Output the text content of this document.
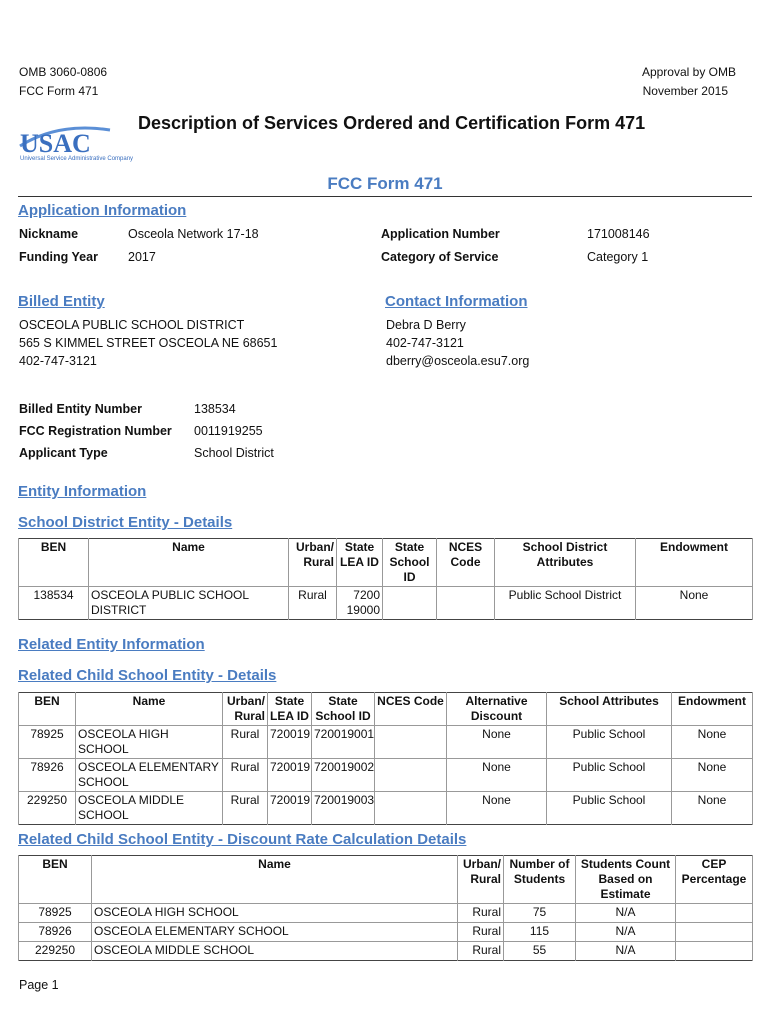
OMB 3060-0806
FCC Form 471
Approval by OMB
November 2015
USAC
Universal Service Administrative Company
Description of Services Ordered and Certification Form 471
FCC Form 471
Application Information
Nickname	Osceola Network 17-18
Funding Year 2017
Application Number	171008146
Category of Service	Category 1
Billed Entity
OSCEOLA PUBLIC SCHOOL DISTRICT
565 S KIMMEL STREET OSCEOLA NE 68651
402-747-3121
Contact Information
Debra D Berry
402-747-3121
dberry@osceola.esu7.org
Billed Entity Number	138534
FCC Registration Number 0011919255
Applicant Type	School District
Entity Information
School District Entity - Details
BEN	Name	Urban/ Rural	State LEA ID	State School ID	NCES Code	School District Attributes	Endowment
138534	OSCEOLA PUBLIC SCHOOL DISTRICT	Rural	7200 19000			Public School District	None
Related Entity Information
Related Child School Entity - Details
BEN	Name	Urban/ Rural	State LEA ID	State School ID	NCES Code	Alternative Discount	School Attributes	Endowment
78925	OSCEOLA HIGH SCHOOL	Rural	720019	720019001		None	Public School	None
78926	OSCEOLA ELEMENTARY SCHOOL	Rural	720019	720019002		None	Public School	None
229250	OSCEOLA MIDDLE SCHOOL	Rural	720019	720019003		None	Public School	None
Related Child School Entity - Discount Rate Calculation Details
BEN	Name	Urban/ Rural	Number of Students	Students Count Based on Estimate	CEP Percentage
78925	OSCEOLA HIGH SCHOOL	Rural	75	N/A	
78926	OSCEOLA ELEMENTARY SCHOOL	Rural	115	N/A	
229250	OSCEOLA MIDDLE SCHOOL	Rural	55	N/A	
Page 1
